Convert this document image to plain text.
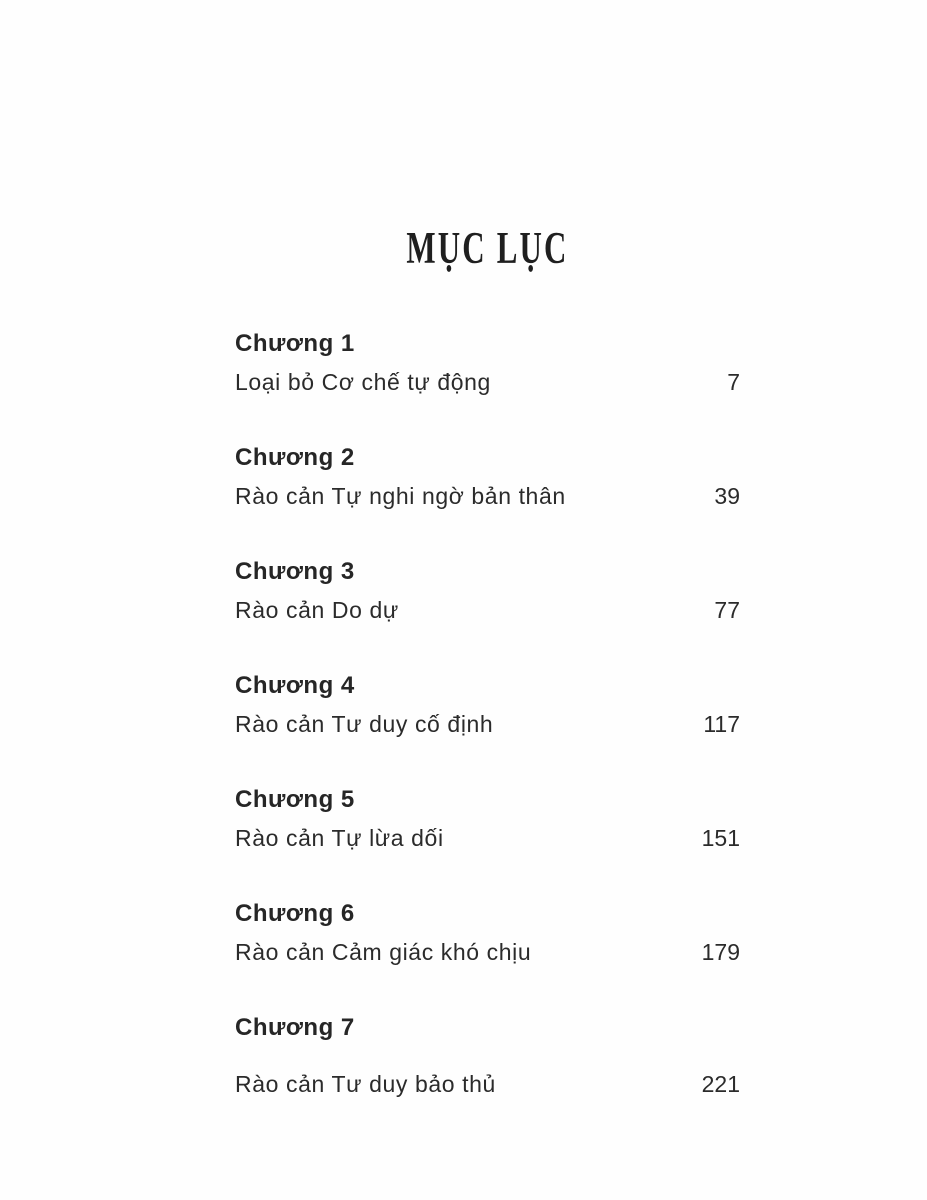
MỤC LỤC
Chương 1
Loại bỏ Cơ chế tự động	7
Chương 2
Rào cản Tự nghi ngờ bản thân	39
Chương 3
Rào cản Do dự	77
Chương 4
Rào cản Tư duy cố định	117
Chương 5
Rào cản Tự lừa dối	151
Chương 6
Rào cản Cảm giác khó chịu	179
Chương 7
Rào cản Tư duy bảo thủ	221
